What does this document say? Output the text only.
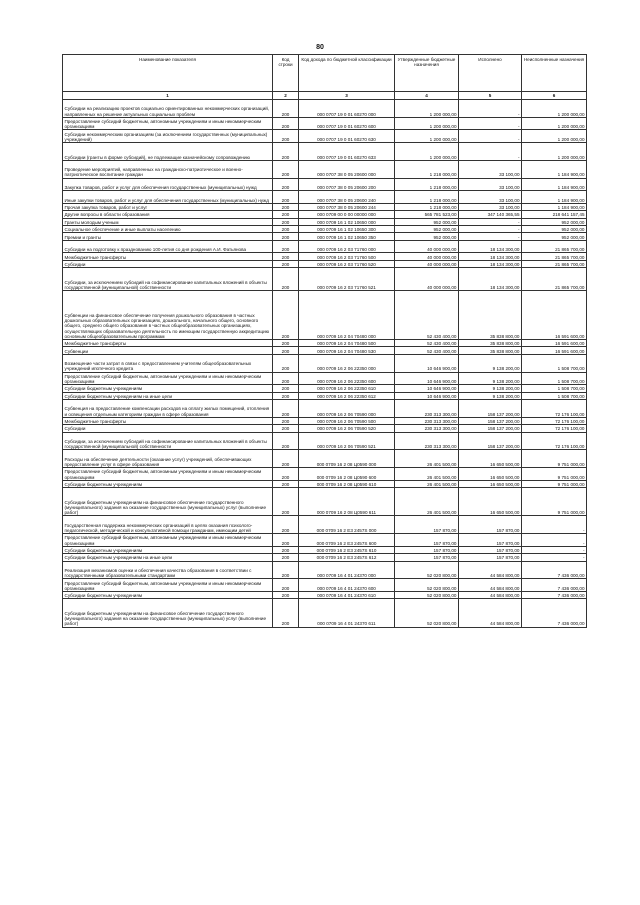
80
Наименование показателя	Код строки	Код дохода по бюджетной классификации	Утвержденные бюджетные назначения	Исполнено	Неисполненные назначения
1	2	3	4	5	6
Субсидии на реализацию проектов социально ориентированных некоммерческих организаций, направленных на решение актуальных социальных проблем	200	000 0707 19 0 01 60270 000	1 200 000,00	-	1 200 000,00
Предоставление субсидий бюджетным, автономным учреждениям и иным некоммерческим организациям	200	000 0707 19 0 01 60270 600	1 200 000,00	-	1 200 000,00
Субсидии некоммерческим организациям (за исключением государственных (муниципальных) учреждений)	200	000 0707 19 0 01 60270 630	1 200 000,00	-	1 200 000,00
Субсидии (гранты в форме субсидий), не подлежащие казначейскому сопровождению	200	000 0707 19 0 01 60270 633	1 200 000,00	-	1 200 000,00
Проведение мероприятий, направленных на гражданско-патриотическое и военно-патриотическое воспитание граждан	200	000 0707 38 0 05 20600 000	1 218 000,00	33 100,00	1 184 900,00
Закупка товаров, работ и услуг для обеспечения государственных (муниципальных) нужд	200	000 0707 38 0 05 20600 200	1 218 000,00	33 100,00	1 184 900,00
Иные закупки товаров, работ и услуг для обеспечения государственных (муниципальных) нужд	200	000 0707 38 0 05 20600 240	1 218 000,00	33 100,00	1 184 900,00
Прочая закупка товаров, работ и услуг	200	000 0707 38 0 05 20600 244	1 218 000,00	33 100,00	1 184 900,00
Другие вопросы в области образования	200	000 0709 00 0 00 00000 000	565 781 523,00	347 140 365,55	218 641 157,45
Гранты молодым ученым	200	000 0709 16 1 02 10650 000	952 000,00	-	952 000,00
Социальное обеспечение и иные выплаты населению	200	000 0709 16 1 02 10650 300	952 000,00	-	952 000,00
Премии и гранты	200	000 0709 16 1 02 10650 350	952 000,00	-	952 000,00
Субсидии на подготовку к празднованию 100-летия со дня рождения А.И. Фатьянова	200	000 0709 16 2 03 71760 000	40 000 000,00	18 134 300,00	21 865 700,00
Межбюджетные трансферты	200	000 0709 16 2 03 71760 500	40 000 000,00	18 134 300,00	21 865 700,00
Субсидии	200	000 0709 16 2 03 71760 520	40 000 000,00	18 134 300,00	21 865 700,00
Субсидии, за исключением субсидий на софинансирование капитальных вложений в объекты государственной (муниципальной) собственности	200	000 0709 16 2 03 71760 521	40 000 000,00	18 134 300,00	21 865 700,00
Субвенции на финансовое обеспечение получения дошкольного образования в частных дошкольных образовательных организациях, дошкольного, начального общего, основного общего, среднего общего образования в частных общеобразовательных организациях, осуществляющих образовательную деятельность по имеющим государственную аккредитацию основным общеобразовательным программам	200	000 0709 16 2 04 70480 000	52 430 400,00	35 838 800,00	16 591 600,00
Межбюджетные трансферты	200	000 0709 16 2 04 70480 500	52 430 400,00	35 838 800,00	16 591 600,00
Субвенции	200	000 0709 16 2 04 70480 530	52 430 400,00	35 838 800,00	16 591 600,00
Возмещение части затрат в связи с предоставлением учителям общеобразовательных учреждений ипотечного кредита	200	000 0709 16 2 06 22350 000	10 646 900,00	9 138 200,00	1 508 700,00
Предоставление субсидий бюджетным, автономным учреждениям и иным некоммерческим организациям	200	000 0709 16 2 06 22350 600	10 646 900,00	9 138 200,00	1 508 700,00
Субсидии бюджетным учреждениям	200	000 0709 16 2 06 22350 610	10 646 900,00	9 138 200,00	1 508 700,00
Субсидии бюджетным учреждениям на иные цели	200	000 0709 16 2 06 22350 612	10 646 900,00	9 138 200,00	1 508 700,00
Субвенция на предоставление компенсации расходов на оплату жилых помещений, отопления и освещения отдельным категориям граждан в сфере образования	200	000 0709 16 2 06 70590 000	230 313 300,00	158 137 200,00	72 176 100,00
Межбюджетные трансферты	200	000 0709 16 2 06 70590 500	230 313 300,00	158 137 200,00	72 176 100,00
Субсидии	200	000 0709 16 2 06 70590 520	230 313 300,00	158 137 200,00	72 176 100,00
Субсидии, за исключением субсидий на софинансирование капитальных вложений в объекты государственной (муниципальной) собственности	200	000 0709 16 2 06 70590 521	230 313 300,00	158 137 200,00	72 176 100,00
Расходы на обеспечение деятельности (оказание услуг) учреждений, обеспечивающих предоставление услуг в сфере образования	200	000 0709 16 2 08 Ц0590 000	26 401 500,00	16 650 500,00	9 751 000,00
Предоставление субсидий бюджетным, автономным учреждениям и иным некоммерческим организациям	200	000 0709 16 2 08 Ц0590 600	26 401 500,00	16 650 500,00	9 751 000,00
Субсидии бюджетным учреждениям	200	000 0709 16 2 08 Ц0590 610	26 401 500,00	16 650 500,00	9 751 000,00
Субсидии бюджетным учреждениям на финансовое обеспечение государственного (муниципального) задания на оказание государственных (муниципальных) услуг (выполнение работ)	200	000 0709 16 2 08 Ц0590 611	26 401 500,00	16 650 500,00	9 751 000,00
Государственная поддержка некоммерческих организаций в целях оказания психолого-педагогической, методической и консультативной помощи гражданам, имеющим детей	200	000 0709 16 2 E3 2457S 000	157 870,00	157 870,00	-
Предоставление субсидий бюджетным, автономным учреждениям и иным некоммерческим организациям	200	000 0709 16 2 E3 2457S 600	157 870,00	157 870,00	-
Субсидии бюджетным учреждениям	200	000 0709 16 2 E3 2457S 610	157 870,00	157 870,00	-
Субсидии бюджетным учреждениям на иные цели	200	000 0709 16 2 E3 2457S 612	157 870,00	157 870,00	-
Реализация механизмов оценки и обеспечения качества образования в соответствии с государственными образовательными стандартами	200	000 0709 16 4 01 24370 000	52 020 800,00	44 584 800,00	7 436 000,00
Предоставление субсидий бюджетным, автономным учреждениям и иным некоммерческим организациям	200	000 0709 16 4 01 24370 600	52 020 800,00	44 584 800,00	7 436 000,00
Субсидии бюджетным учреждениям	200	000 0709 16 4 01 24370 610	52 020 800,00	44 584 800,00	7 436 000,00
Субсидии бюджетным учреждениям на финансовое обеспечение государственного (муниципального) задания на оказание государственных (муниципальных) услуг (выполнение работ)	200	000 0709 16 4 01 24370 611	52 020 800,00	44 584 800,00	7 436 000,00
